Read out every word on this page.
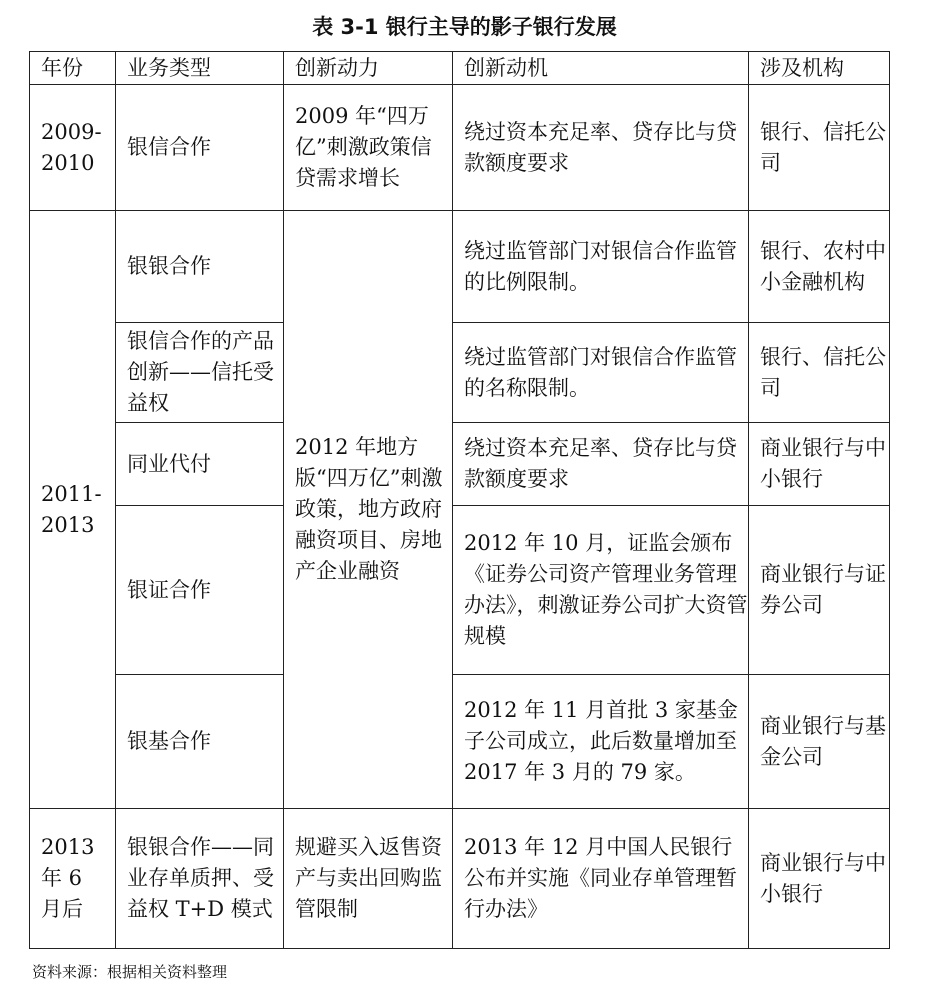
表 3-1 银行主导的影子银行发展
年份	业务类型	创新动力	创新动机	涉及机构
2009-
2010	银信合作	2009 年“四万亿”刺激政策信贷需求增长	绕过资本充足率、贷存比与贷款额度要求	银行、信托公司
2011-
2013	银银合作	2012 年地方版“四万亿”刺激政策，地方政府融资项目、房地产企业融资	绕过监管部门对银信合作监管的比例限制。	银行、农村中小金融机构
	银信合作的产品创新——信托受益权		绕过监管部门对银信合作监管的名称限制。	银行、信托公司
	同业代付		绕过资本充足率、贷存比与贷款额度要求	商业银行与中小银行
	银证合作		2012 年 10 月，证监会颁布《证券公司资产管理业务管理办法》，刺激证券公司扩大资管规模	商业银行与证券公司
	银基合作		2012 年 11 月首批 3 家基金子公司成立，此后数量增加至 2017 年 3 月的 79 家。	商业银行与基金公司
2013
年 6
月后	银银合作——同业存单质押、受益权 T+D 模式	规避买入返售资产与卖出回购监管限制	2013 年 12 月中国人民银行公布并实施《同业存单管理暂行办法》	商业银行与中小银行

资料来源：根据相关资料整理
